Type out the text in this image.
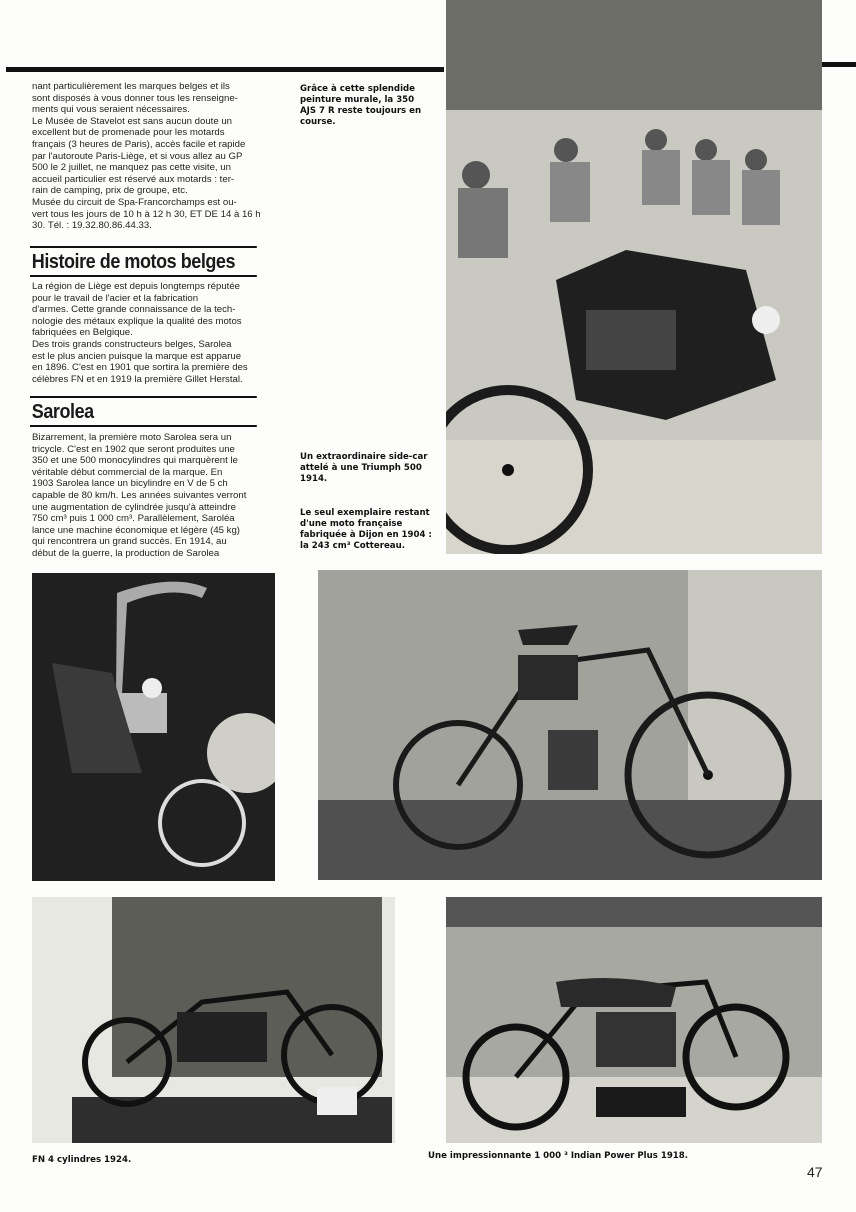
nant particulièrement les marques belges et ils
sont disposés à vous donner tous les renseigne-
ments qui vous seraient nécessaires.
Le Musée de Stavelot est sans aucun doute un
excellent but de promenade pour les motards
français (3 heures de Paris), accès facile et rapide
par l'autoroute Paris-Liège, et si vous allez au GP
500 le 2 juillet, ne manquez pas cette visite, un
accueil particulier est réservé aux motards : ter-
rain de camping, prix de groupe, etc.
Musée du circuit de Spa-Francorchamps est ou-
vert tous les jours de 10 h à 12 h 30, ET DE 14 à 16 h
30. Tél. : 19.32.80.86.44.33.
Histoire de motos belges
La région de Liège est depuis longtemps réputée
pour le travail de l'acier et la fabrication
d'armes. Cette grande connaissance de la tech-
nologie des métaux explique la qualité des motos
fabriquées en Belgique.
Des trois grands constructeurs belges, Sarolea
est le plus ancien puisque la marque est apparue
en 1896. C'est en 1901 que sortira la première des
célèbres FN et en 1919 la première Gillet Herstal.
Sarolea
Bizarrement, la première moto Sarolea sera un
tricycle. C'est en 1902 que seront produites une
350 et une 500 monocylindres qui marquèrent le
véritable début commercial de la marque. En
1903 Sarolea lance un bicylindre en V de 5 ch
capable de 80 km/h. Les années suivantes verront
une augmentation de cylindrée jusqu'à atteindre
750 cm³ puis 1 000 cm³. Parallèlement, Saroléa
lance une machine économique et légère (45 kg)
qui rencontrera un grand succès. En 1914, au
début de la guerre, la production de Sarolea
Grâce à cette splendide
peinture murale, la 350
AJS 7 R reste toujours en
course.
Un extraordinaire side-car
attelé à une Triumph 500
1914.
Le seul exemplaire restant
d'une moto française
fabriquée à Dijon en 1904 :
la 243 cm³ Cottereau.
FN 4 cylindres 1924.	Une impressionnante 1 000 ³ Indian Power Plus 1918.
47
